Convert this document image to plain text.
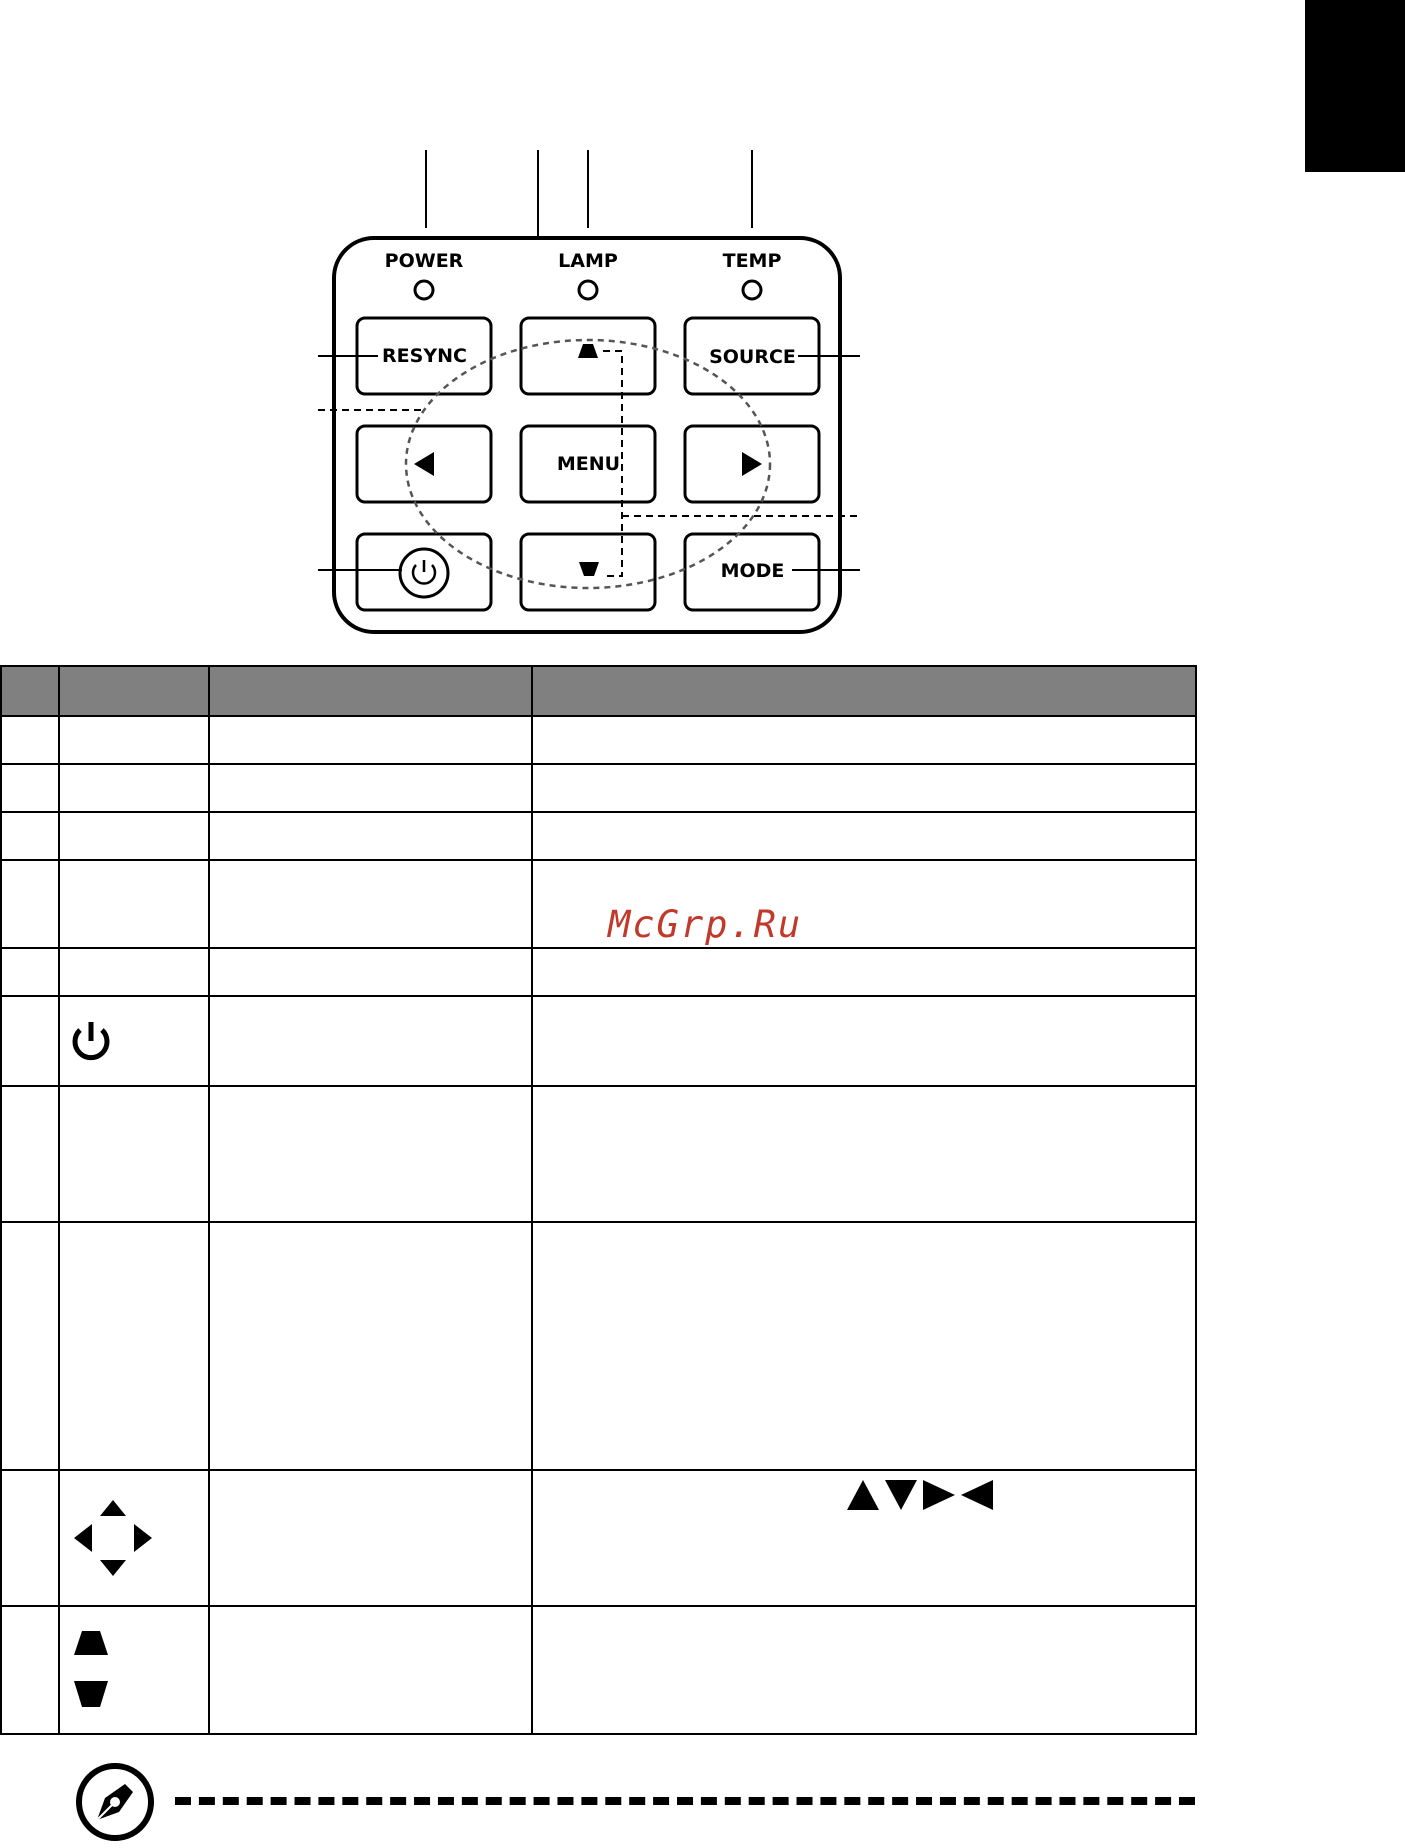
POWER	LAMP	TEMP
RESYNC
MENU
SOURCE
MODE

McGrp.Ru
